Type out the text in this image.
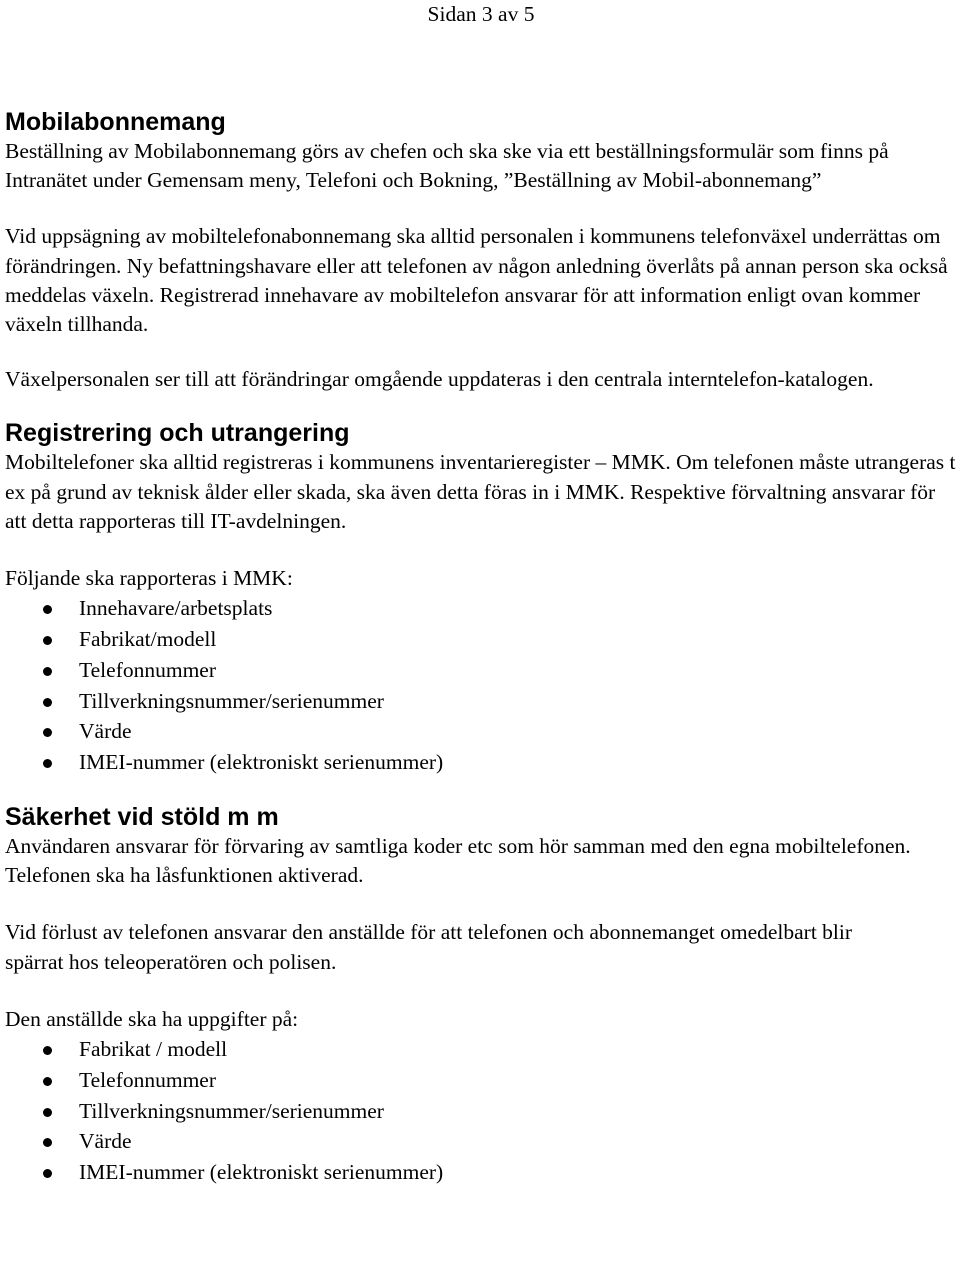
Sidan 3 av 5
Mobilabonnemang

Beställning av Mobilabonnemang görs av chefen och ska ske via ett beställningsformulär som finns på Intranätet under Gemensam meny, Telefoni och Bokning, ”Beställning av Mobil-abonnemang”

Vid uppsägning av mobiltelefonabonnemang ska alltid personalen i kommunens telefonväxel underrättas om förändringen. Ny befattningshavare eller att telefonen av någon anledning överlåts på annan person ska också meddelas växeln. Registrerad innehavare av mobiltelefon ansvarar för att information enligt ovan kommer växeln tillhanda.

Växelpersonalen ser till att förändringar omgående uppdateras i den centrala interntelefon-katalogen.

Registrering och utrangering

Mobiltelefoner ska alltid registreras i kommunens inventarieregister – MMK. Om telefonen måste utrangeras t ex på grund av teknisk ålder eller skada, ska även detta föras in i MMK. Respektive förvaltning ansvarar för att detta rapporteras till IT-avdelningen.

Följande ska rapporteras i MMK:

Innehavare/arbetsplats
Fabrikat/modell
Telefonnummer
Tillverkningsnummer/serienummer
Värde
IMEI-nummer (elektroniskt serienummer)
Säkerhet vid stöld m m

Användaren ansvarar för förvaring av samtliga koder etc som hör samman med den egna mobiltelefonen. Telefonen ska ha låsfunktionen aktiverad.

Vid förlust av telefonen ansvarar den anställde för att telefonen och abonnemanget omedelbart blir spärrat hos teleoperatören och polisen.

Den anställde ska ha uppgifter på:

Fabrikat / modell
Telefonnummer
Tillverkningsnummer/serienummer
Värde
IMEI-nummer (elektroniskt serienummer)
